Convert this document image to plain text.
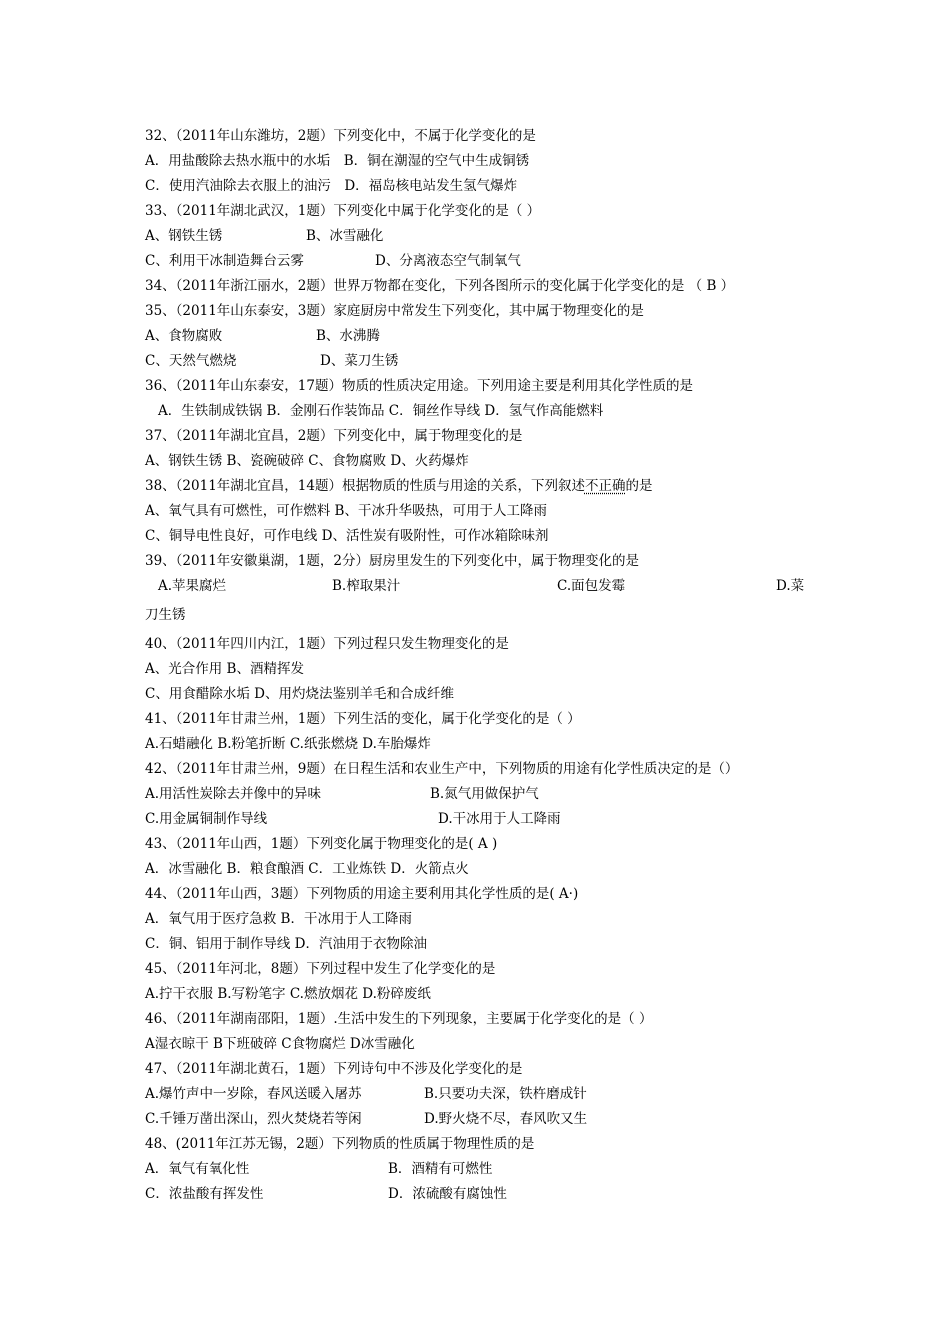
32、（2011年山东潍坊，2题）下列变化中，不属于化学变化的是
A．用盐酸除去热水瓶中的水垢　B．铜在潮湿的空气中生成铜锈
C．使用汽油除去衣服上的油污　D．福岛核电站发生氢气爆炸
33、（2011年湖北武汉，1题）下列变化中属于化学变化的是（ ）
A、钢铁生锈	B、冰雪融化
C、利用干冰制造舞台云雾	D、分离液态空气制氧气
34、（2011年浙江丽水，2题）世界万物都在变化，下列各图所示的变化属于化学变化的是 （ B ）
35、（2011年山东泰安，3题）家庭厨房中常发生下列变化，其中属于物理变化的是
A、食物腐败	B、水沸腾
C、天然气燃烧	D、菜刀生锈
36、（2011年山东泰安，17题）物质的性质决定用途。下列用途主要是利用其化学性质的是
A．生铁制成铁锅 B．金刚石作装饰品 C．铜丝作导线 D．氢气作高能燃料
37、（2011年湖北宜昌，2题）下列变化中，属于物理变化的是
A、钢铁生锈 B、瓷碗破碎 C、食物腐败 D、火药爆炸
38、（2011年湖北宜昌，14题）根据物质的性质与用途的关系，下列叙述不正确的是
A、氧气具有可燃性，可作燃料 B、干冰升华吸热，可用于人工降雨
C、铜导电性良好，可作电线 D、活性炭有吸附性，可作冰箱除味剂
39、（2011年安徽巢湖，1题，2分）厨房里发生的下列变化中，属于物理变化的是
A.苹果腐烂	B.榨取果汁	C.面包发霉	D.菜
刀生锈
40、（2011年四川内江，1题）下列过程只发生物理变化的是
A、光合作用 B、酒精挥发
C、用食醋除水垢 D、用灼烧法鉴别羊毛和合成纤维
41、（2011年甘肃兰州，1题）下列生活的变化，属于化学变化的是（ ）
A.石蜡融化 B.粉笔折断 C.纸张燃烧 D.车胎爆炸
42、（2011年甘肃兰州，9题）在日程生活和农业生产中，下列物质的用途有化学性质决定的是（）
A.用活性炭除去并像中的异味	B.氮气用做保护气
C.用金属铜制作导线	D.干冰用于人工降雨
43、（2011年山西，1题）下列变化属于物理变化的是( A )
A．冰雪融化 B．粮食酿酒 C．工业炼铁 D．火箭点火
44、（2011年山西，3题）下列物质的用途主要利用其化学性质的是( A·)
A．氧气用于医疗急救 B．干冰用于人工降雨
C．铜、铝用于制作导线 D．汽油用于衣物除油
45、（2011年河北，8题）下列过程中发生了化学变化的是
A.拧干衣服 B.写粉笔字 C.燃放烟花 D.粉碎废纸
46、（2011年湖南邵阳，1题）.生活中发生的下列现象，主要属于化学变化的是（ ）
A湿衣晾干 B下班破碎 C食物腐烂 D冰雪融化
47、（2011年湖北黄石，1题）下列诗句中不涉及化学变化的是
A.爆竹声中一岁除，春风送暖入屠苏	B.只要功夫深，铁杵磨成针
C.千锤万凿出深山，烈火焚烧若等闲	D.野火烧不尽，春风吹又生
48、(2011年江苏无锡，2题）下列物质的性质属于物理性质的是
A．氧气有氧化性	B．酒精有可燃性
C．浓盐酸有挥发性	D．浓硫酸有腐蚀性
